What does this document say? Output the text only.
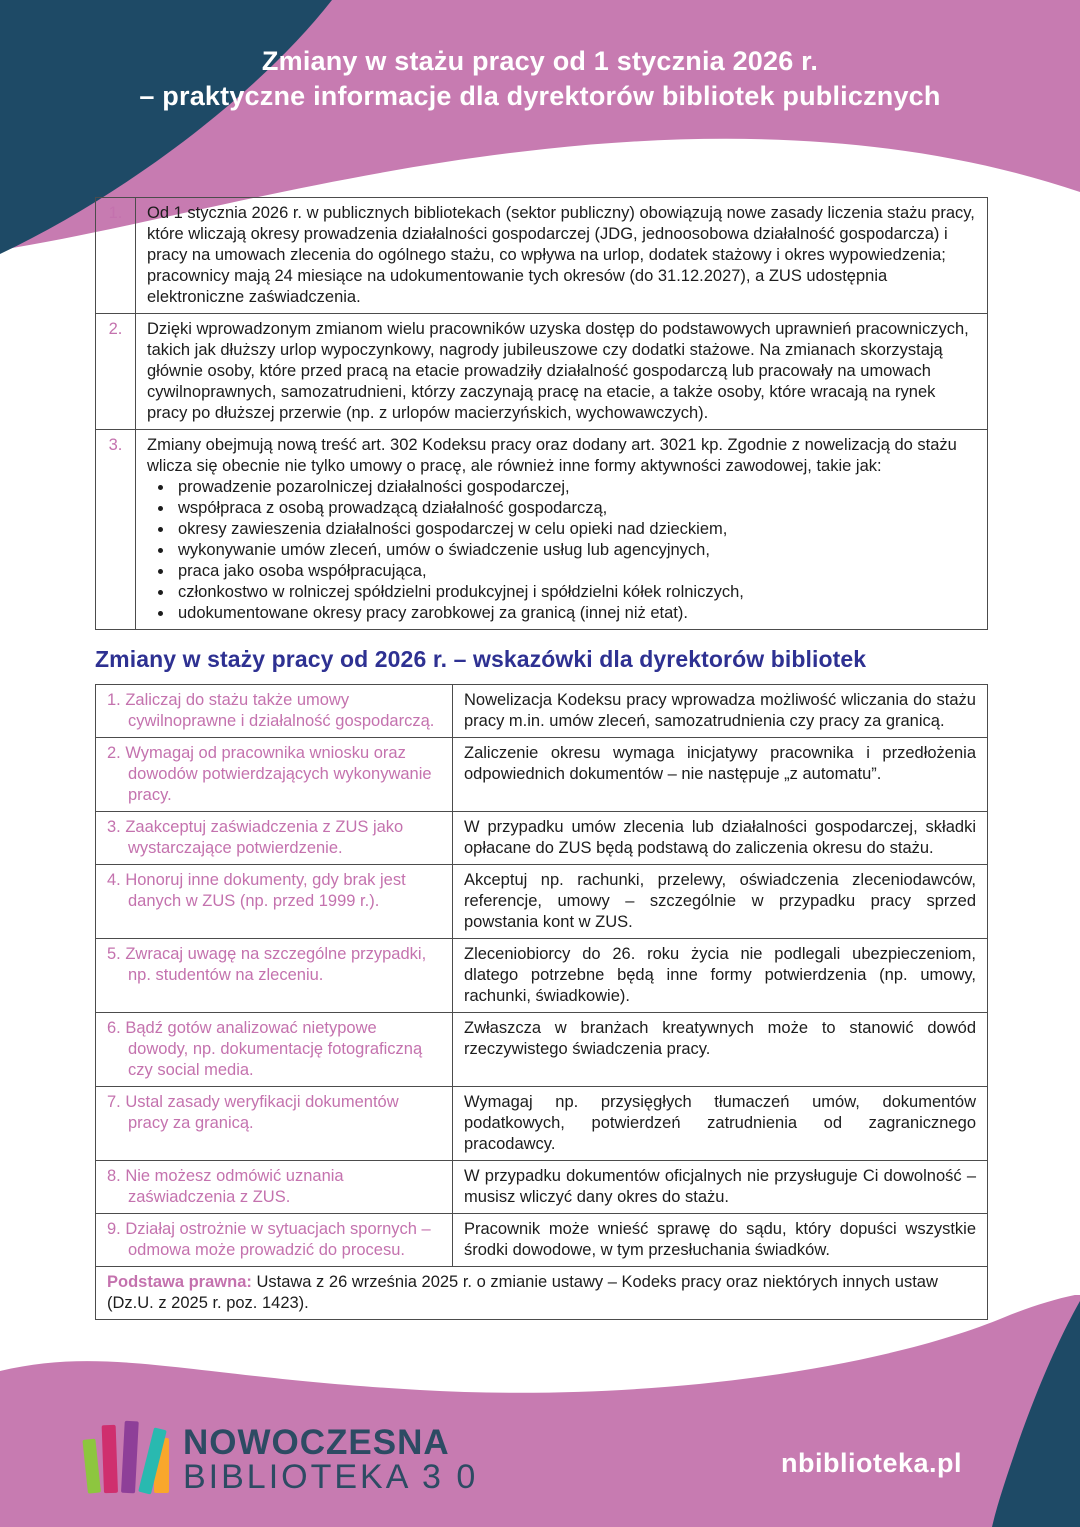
Zmiany w stażu pracy od 1 stycznia 2026 r.
– praktyczne informacje dla dyrektorów bibliotek publicznych
1.	Od 1 stycznia 2026 r. w publicznych bibliotekach (sektor publiczny) obowiązują nowe zasady liczenia stażu pracy, które wliczają okresy prowadzenia działalności gospodarczej (JDG, jednoosobowa działalność gospodarcza) i pracy na umowach zlecenia do ogólnego stażu, co wpływa na urlop, dodatek stażowy i okres wypowiedzenia; pracownicy mają 24 miesiące na udokumentowanie tych okresów (do 31.12.2027), a ZUS udostępnia elektroniczne zaświadczenia.
2.	Dzięki wprowadzonym zmianom wielu pracowników uzyska dostęp do podstawowych uprawnień pracowniczych, takich jak dłuższy urlop wypoczynkowy, nagrody jubileuszowe czy dodatki stażowe. Na zmianach skorzystają głównie osoby, które przed pracą na etacie prowadziły działalność gospodarczą lub pracowały na umowach cywilnoprawnych, samozatrudnieni, którzy zaczynają pracę na etacie, a także osoby, które wracają na rynek pracy po dłuższej przerwie (np. z urlopów macierzyńskich, wychowawczych).
3.	Zmiany obejmują nową treść art. 302 Kodeksu pracy oraz dodany art. 3021 kp. Zgodnie z nowelizacją do stażu wlicza się obecnie nie tylko umowy o pracę, ale również inne formy aktywności zawodowej, takie jak:
• prowadzenie pozarolniczej działalności gospodarczej,
• współpraca z osobą prowadzącą działalność gospodarczą,
• okresy zawieszenia działalności gospodarczej w celu opieki nad dzieckiem,
• wykonywanie umów zleceń, umów o świadczenie usług lub agencyjnych,
• praca jako osoba współpracująca,
• członkostwo w rolniczej spółdzielni produkcyjnej i spółdzielni kółek rolniczych,
• udokumentowane okresy pracy zarobkowej za granicą (innej niż etat).
Zmiany w staży pracy od 2026 r. – wskazówki dla dyrektorów bibliotek
1. Zaliczaj do stażu także umowy cywilnoprawne i działalność gospodarczą.	Nowelizacja Kodeksu pracy wprowadza możliwość wliczania do stażu pracy m.in. umów zleceń, samozatrudnienia czy pracy za granicą.

2. Wymagaj od pracownika wniosku oraz dowodów potwierdzających wykonywanie pracy.	Zaliczenie okresu wymaga inicjatywy pracownika i przedłożenia odpowiednich dokumentów – nie następuje „z automatu”.

3. Zaakceptuj zaświadczenia z ZUS jako wystarczające potwierdzenie.	W przypadku umów zlecenia lub działalności gospodarczej, składki opłacane do ZUS będą podstawą do zaliczenia okresu do stażu.

4. Honoruj inne dokumenty, gdy brak jest danych w ZUS (np. przed 1999 r.).	Akceptuj np. rachunki, przelewy, oświadczenia zleceniodawców, referencje, umowy – szczególnie w przypadku pracy sprzed powstania kont w ZUS.

5. Zwracaj uwagę na szczególne przypadki, np. studentów na zleceniu.	Zleceniobiorcy do 26. roku życia nie podlegali ubezpieczeniom, dlatego potrzebne będą inne formy potwierdzenia (np. umowy, rachunki, świadkowie).

6. Bądź gotów analizować nietypowe dowody, np. dokumentację fotograficzną czy social media.	Zwłaszcza w branżach kreatywnych może to stanowić dowód rzeczywistego świadczenia pracy.

7. Ustal zasady weryfikacji dokumentów pracy za granicą.	Wymagaj np. przysięgłych tłumaczeń umów, dokumentów podatkowych, potwierdzeń zatrudnienia od zagranicznego pracodawcy.

8. Nie możesz odmówić uznania zaświadczenia z ZUS.	W przypadku dokumentów oficjalnych nie przysługuje Ci dowolność – musisz wliczyć dany okres do stażu.

9. Działaj ostrożnie w sytuacjach spornych – odmowa może prowadzić do procesu.	Pracownik może wnieść sprawę do sądu, który dopuści wszystkie środki dowodowe, w tym przesłuchania świadków.
Podstawa prawna: Ustawa z 26 września 2025 r. o zmianie ustawy – Kodeks pracy oraz niektórych innych ustaw (Dz.U. z 2025 r. poz. 1423).	
NOWOCZESNA
BIBLIOTEKA 3 0	nbiblioteka.pl
